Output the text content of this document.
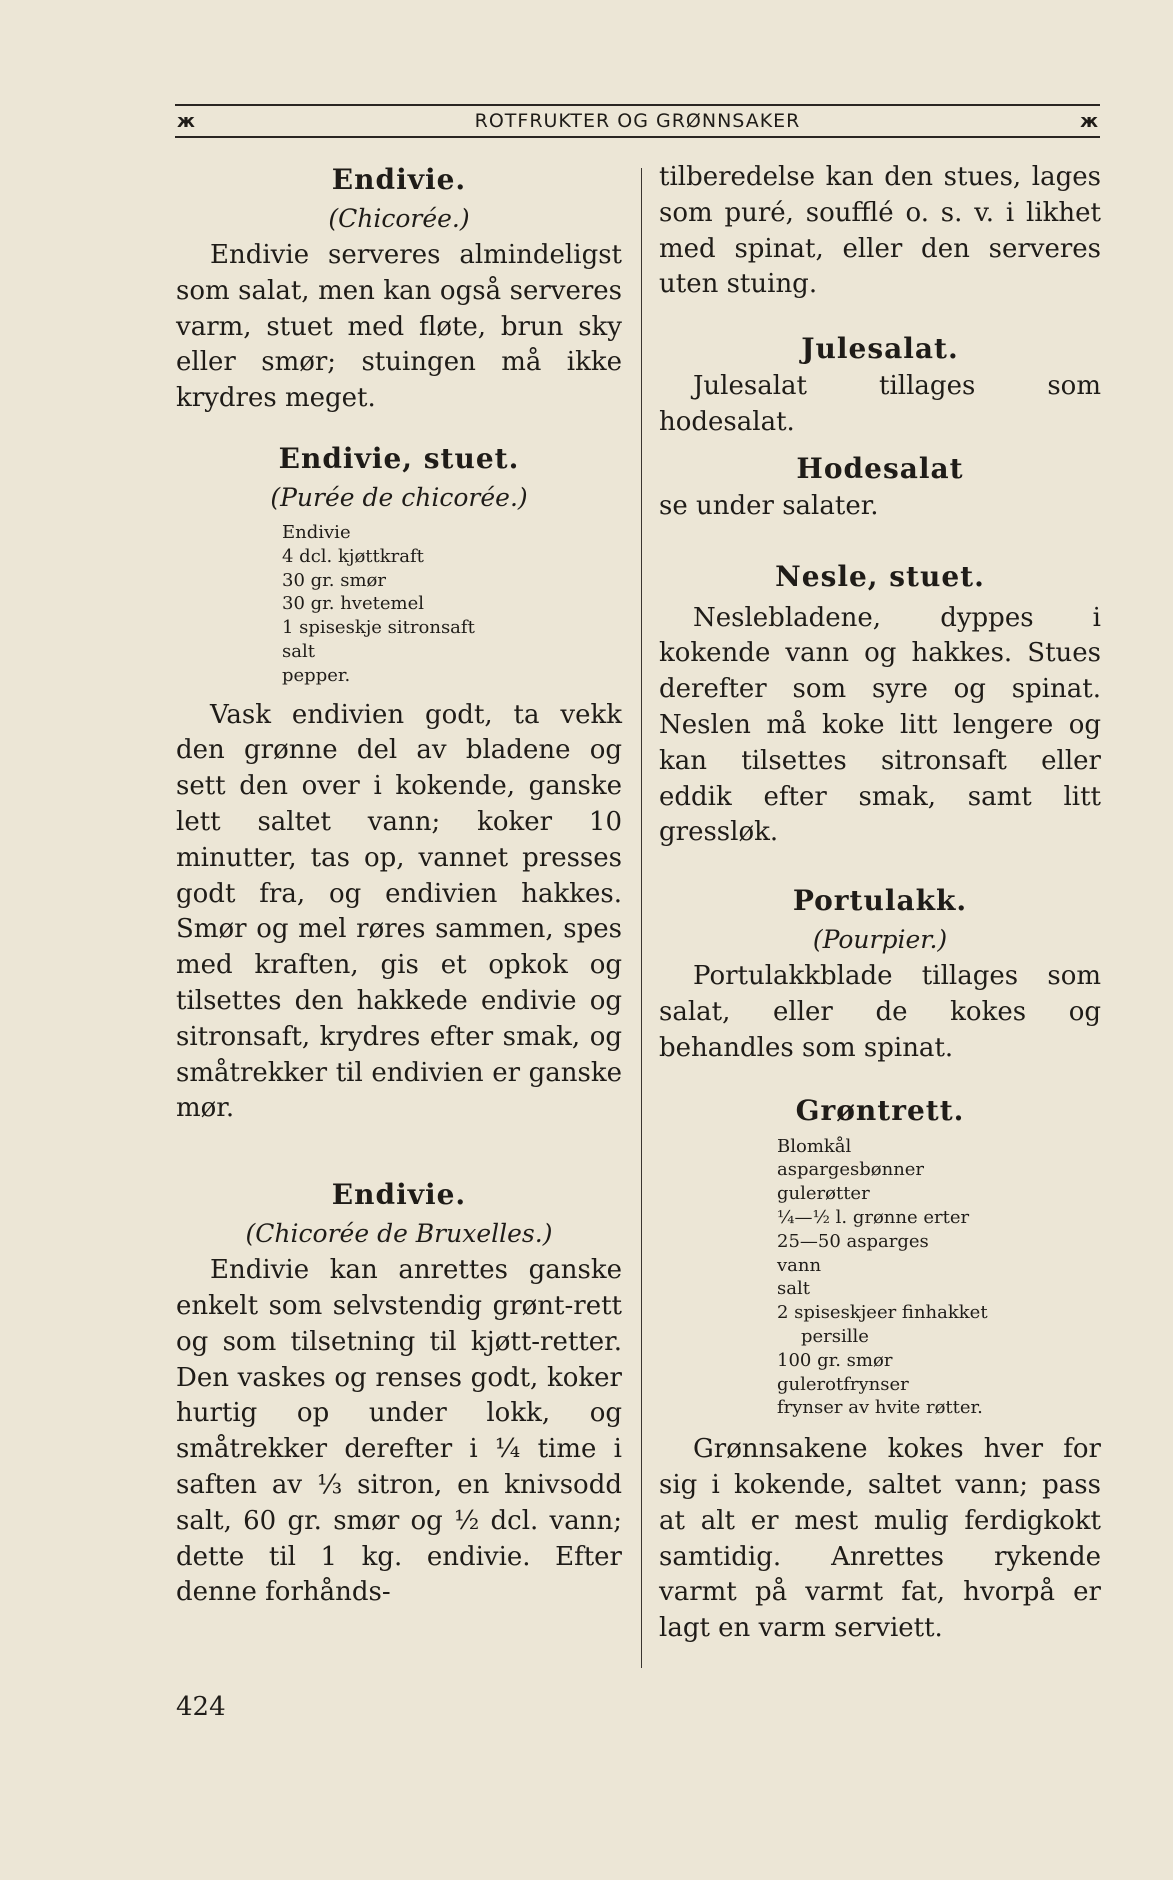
ж	ROTFRUKTER OG GRØNNSAKER	ж
Endivie.
(Chicorée.)

Endivie serveres almindeligst som salat, men kan også serveres varm, stuet med fløte, brun sky eller smør; stuingen må ikke krydres meget.

Endivie, stuet.
(Purée de chicorée.)
Endivie
4 dcl. kjøttkraft
30 gr. smør
30 gr. hvetemel
1 spiseskje sitronsaft
salt
pepper.

Vask endivien godt, ta vekk den grønne del av bladene og sett den over i kokende, ganske lett saltet vann; koker 10 minutter, tas op, vannet presses godt fra, og endivien hakkes. Smør og mel røres sammen, spes med kraften, gis et opkok og tilsettes den hakkede endivie og sitronsaft, krydres efter smak, og småtrekker til endivien er ganske mør.

Endivie.
(Chicorée de Bruxelles.)

Endivie kan anrettes ganske enkelt som selvstendig grønt-rett og som tilsetning til kjøtt-retter. Den vaskes og renses godt, koker hurtig op under lokk, og småtrekker derefter i ¼ time i saften av ⅓ sitron, en knivsodd salt, 60 gr. smør og ½ dcl. vann; dette til 1 kg. endivie. Efter denne forhånds-

tilberedelse kan den stues, lages som puré, soufflé o. s. v. i likhet med spinat, eller den serveres uten stuing.

Julesalat.

Julesalat tillages som hodesalat.

Hodesalat

se under salater.

Nesle, stuet.

Neslebladene, dyppes i kokende vann og hakkes. Stues derefter som syre og spinat. Neslen må koke litt lengere og kan tilsettes sitronsaft eller eddik efter smak, samt litt gressløk.

Portulakk.
(Pourpier.)

Portulakkblade tillages som salat, eller de kokes og behandles som spinat.

Grøntrett.
Blomkål
aspargesbønner
gulerøtter
¼—½ l. grønne erter
25—50 asparges
vann
salt
2 spiseskjeer finhakket
persille
100 gr. smør
gulerotfrynser
frynser av hvite røtter.

Grønnsakene kokes hver for sig i kokende, saltet vann; pass at alt er mest mulig ferdigkokt samtidig. Anrettes rykende varmt på varmt fat, hvorpå er lagt en varm serviett.

424
